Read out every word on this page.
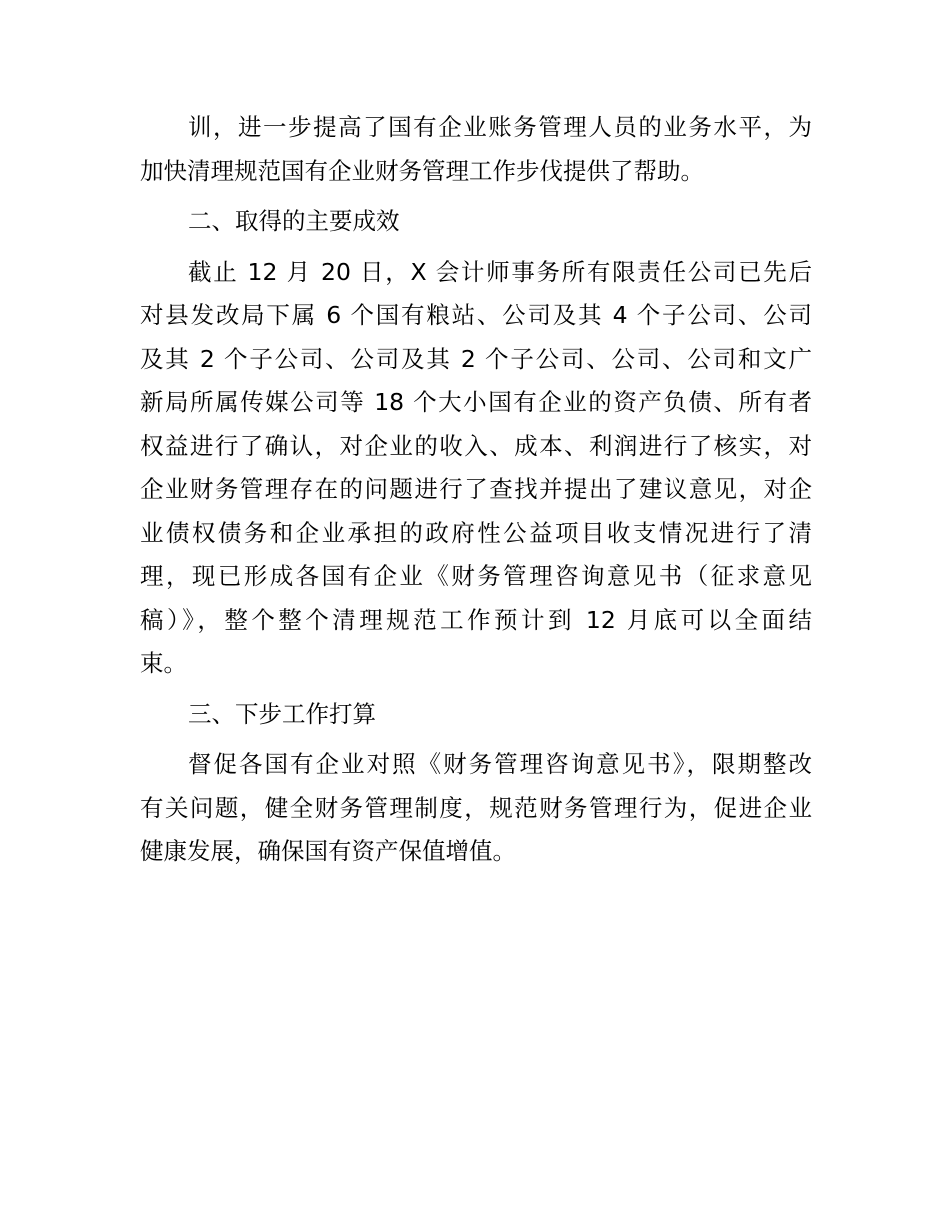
训，进一步提高了国有企业账务管理人员的业务水平，为
加快清理规范国有企业财务管理工作步伐提供了帮助。
二、取得的主要成效
截止 12 月 20 日，X 会计师事务所有限责任公司已先后
对县发改局下属 6 个国有粮站、公司及其 4 个子公司、公司
及其 2 个子公司、公司及其 2 个子公司、公司、公司和文广
新局所属传媒公司等 18 个大小国有企业的资产负债、所有者
权益进行了确认，对企业的收入、成本、利润进行了核实，对
企业财务管理存在的问题进行了查找并提出了建议意见，对企
业债权债务和企业承担的政府性公益项目收支情况进行了清
理，现已形成各国有企业《财务管理咨询意见书（征求意见
稿）》，整个整个清理规范工作预计到 12 月底可以全面结
束。
三、下步工作打算
督促各国有企业对照《财务管理咨询意见书》，限期整改
有关问题，健全财务管理制度，规范财务管理行为，促进企业
健康发展，确保国有资产保值增值。
